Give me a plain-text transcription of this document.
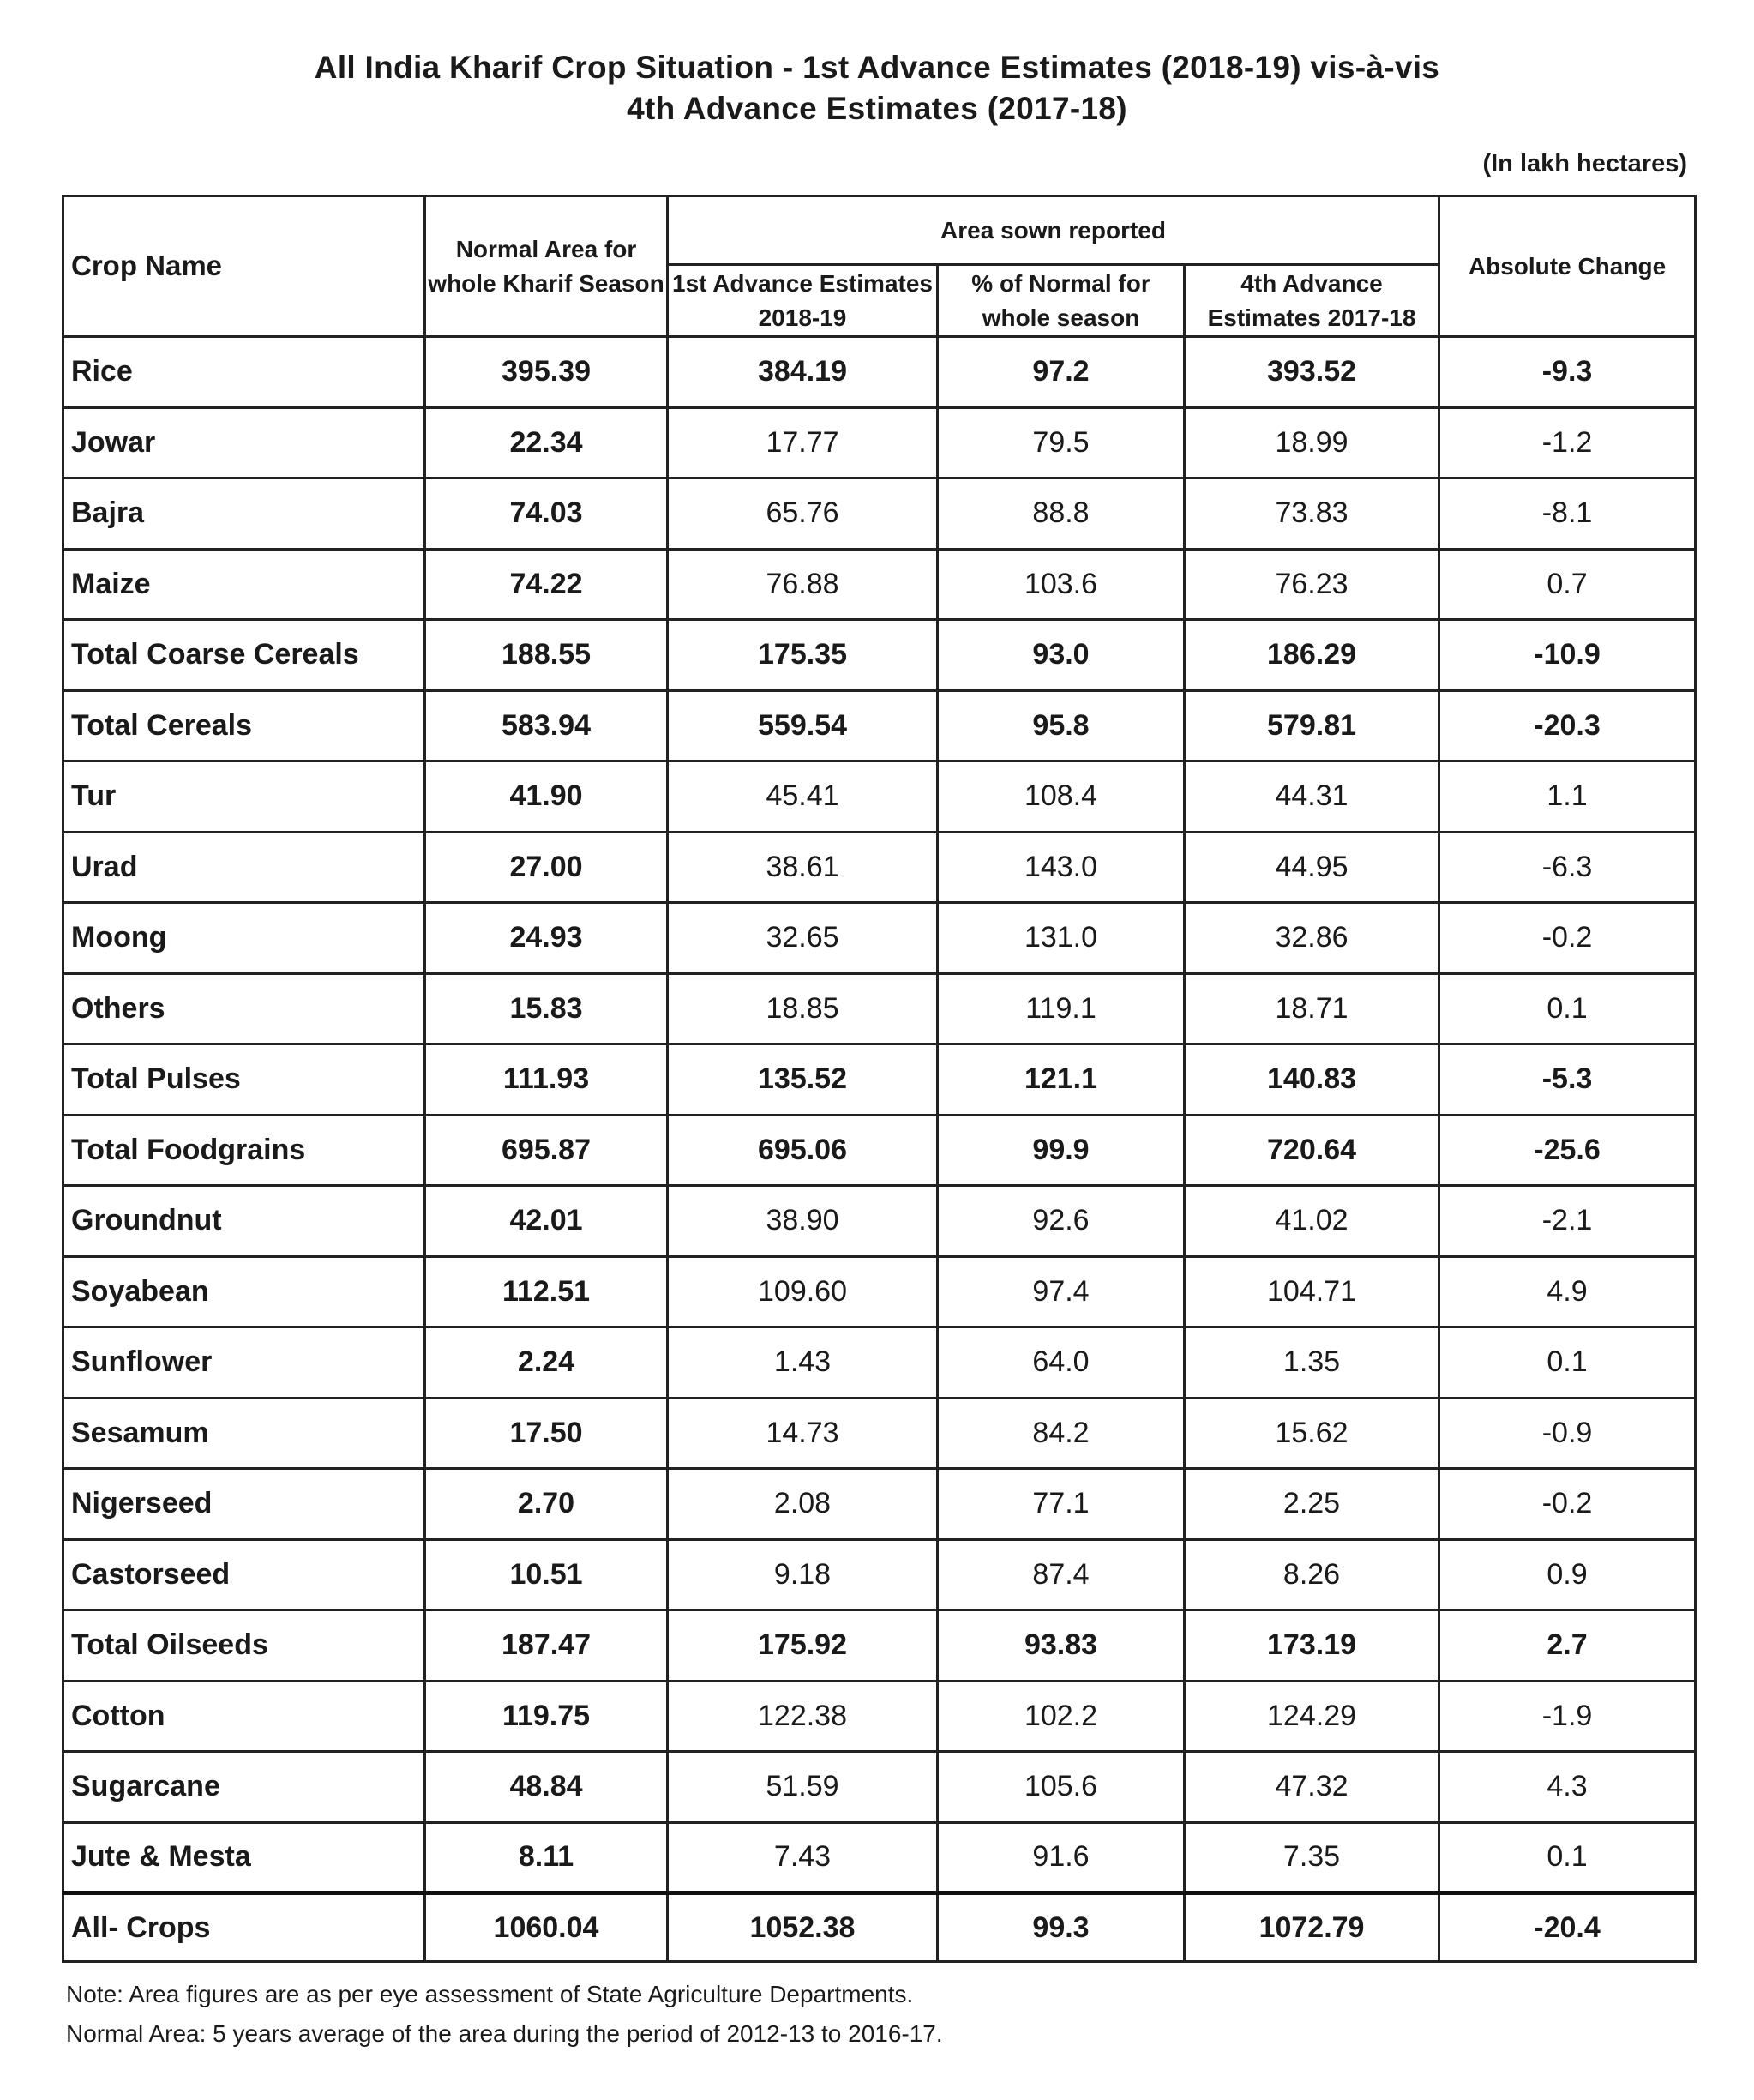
All India Kharif Crop Situation - 1st Advance Estimates (2018-19) vis-à-vis
4th Advance Estimates (2017-18)
(In lakh hectares)
Crop Name	Normal Area for whole Kharif Season	Area sown reported			Absolute Change
		1st Advance Estimates 2018-19	% of Normal for whole season	4th Advance Estimates 2017-18	
Rice	395.39	384.19	97.2	393.52	-9.3
Jowar	22.34	17.77	79.5	18.99	-1.2
Bajra	74.03	65.76	88.8	73.83	-8.1
Maize	74.22	76.88	103.6	76.23	0.7
Total Coarse Cereals	188.55	175.35	93.0	186.29	-10.9
Total Cereals	583.94	559.54	95.8	579.81	-20.3
Tur	41.90	45.41	108.4	44.31	1.1
Urad	27.00	38.61	143.0	44.95	-6.3
Moong	24.93	32.65	131.0	32.86	-0.2
Others	15.83	18.85	119.1	18.71	0.1
Total Pulses	111.93	135.52	121.1	140.83	-5.3
Total Foodgrains	695.87	695.06	99.9	720.64	-25.6
Groundnut	42.01	38.90	92.6	41.02	-2.1
Soyabean	112.51	109.60	97.4	104.71	4.9
Sunflower	2.24	1.43	64.0	1.35	0.1
Sesamum	17.50	14.73	84.2	15.62	-0.9
Nigerseed	2.70	2.08	77.1	2.25	-0.2
Castorseed	10.51	9.18	87.4	8.26	0.9
Total Oilseeds	187.47	175.92	93.83	173.19	2.7
Cotton	119.75	122.38	102.2	124.29	-1.9
Sugarcane	48.84	51.59	105.6	47.32	4.3
Jute & Mesta	8.11	7.43	91.6	7.35	0.1
All- Crops	1060.04	1052.38	99.3	1072.79	-20.4
Note: Area figures are as per eye assessment of State Agriculture Departments.
Normal Area: 5 years average of the area during the period of 2012-13 to 2016-17.
